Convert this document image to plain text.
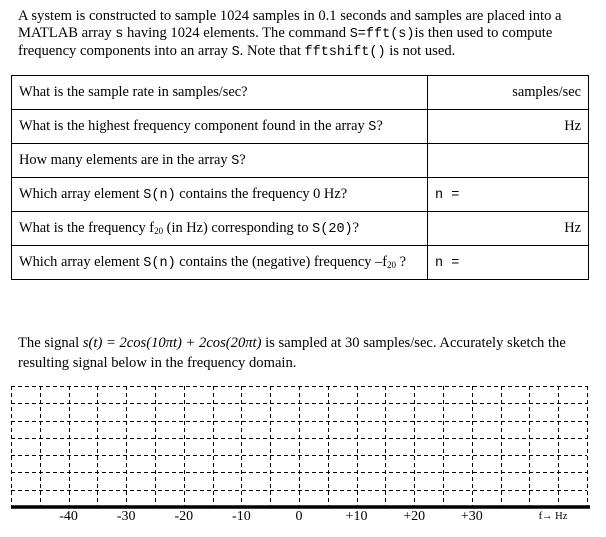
A system is constructed to sample 1024 samples in 0.1 seconds and samples are placed into a MATLAB array s having 1024 elements. The command S=fft(s)is then used to compute frequency components into an array S. Note that fftshift() is not used.
What is the sample rate in samples/sec?	samples/sec
What is the highest frequency component found in the array S?	Hz
How many elements are in the array S?	
Which array element S(n) contains the frequency 0 Hz?	n =
What is the frequency $f_{20}$ (in Hz) corresponding to S(20)?	Hz
Which array element S(n) contains the (negative) frequency $-f_{20}$ ?	n =
The signal s(t) = 2cos(10πt) + 2cos(20πt) is sampled at 30 samples/sec. Accurately sketch the resulting signal below in the frequency domain.
-40	-30	-20	-10	0	+10	+20	+30	f→ Hz
